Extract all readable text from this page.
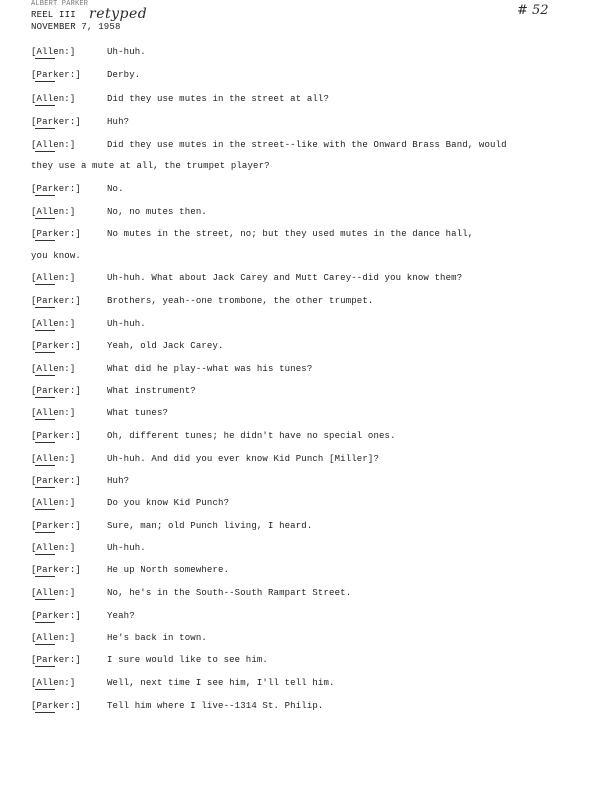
ALBERT PARKER
REEL III retyped
NOVEMBER 7, 1958
# 52
[Allen:]	Uh-huh.
[Parker:]	Derby.
[Allen:]	Did they use mutes in the street at all?
[Parker:]	Huh?
[Allen:]	Did they use mutes in the street--like with the Onward Brass Band, would
they use a mute at all, the trumpet player?
[Parker:]	No.
[Allen:]	No, no mutes then.
[Parker:]	No mutes in the street, no; but they used mutes in the dance hall,
you know.
[Allen:]	Uh-huh. What about Jack Carey and Mutt Carey--did you know them?
[Parker:]	Brothers, yeah--one trombone, the other trumpet.
[Allen:]	Uh-huh.
[Parker:]	Yeah, old Jack Carey.
[Allen:]	What did he play--what was his tunes?
[Parker:]	What instrument?
[Allen:]	What tunes?
[Parker:]	Oh, different tunes; he didn't have no special ones.
[Allen:]	Uh-huh. And did you ever know Kid Punch [Miller]?
[Parker:]	Huh?
[Allen:]	Do you know Kid Punch?
[Parker:]	Sure, man; old Punch living, I heard.
[Allen:]	Uh-huh.
[Parker:]	He up North somewhere.
[Allen:]	No, he's in the South--South Rampart Street.
[Parker:]	Yeah?
[Allen:]	He's back in town.
[Parker:]	I sure would like to see him.
[Allen:]	Well, next time I see him, I'll tell him.
[Parker:]	Tell him where I live--1314 St. Philip.
